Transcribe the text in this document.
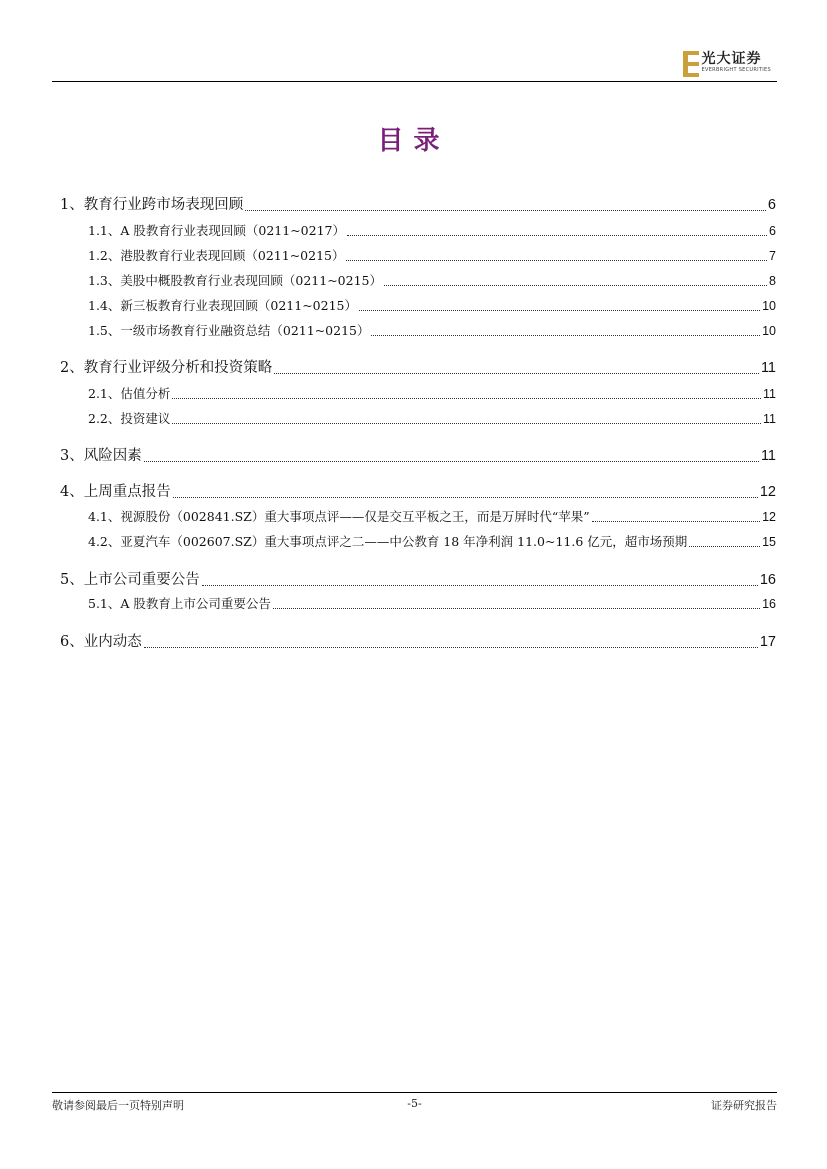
光大证券
EVERBRIGHT SECURITIES
目录
1、教育行业跨市场表现回顾	6
1.1、A 股教育行业表现回顾（0211~0217）	6
1.2、港股教育行业表现回顾（0211~0215）	7
1.3、美股中概股教育行业表现回顾（0211~0215）	8
1.4、新三板教育行业表现回顾（0211~0215）	10
1.5、一级市场教育行业融资总结（0211~0215）	10
2、教育行业评级分析和投资策略	11
2.1、估值分析	11
2.2、投资建议	11
3、风险因素	11
4、上周重点报告	12
4.1、视源股份（002841.SZ）重大事项点评——仅是交互平板之王，而是万屏时代“苹果”	12
4.2、亚夏汽车（002607.SZ）重大事项点评之二——中公教育 18 年净利润 11.0~11.6 亿元，超市场预期	15
5、上市公司重要公告	16
5.1、A 股教育上市公司重要公告	16
6、业内动态	17
敬请参阅最后一页特别声明	-5-	证券研究报告
